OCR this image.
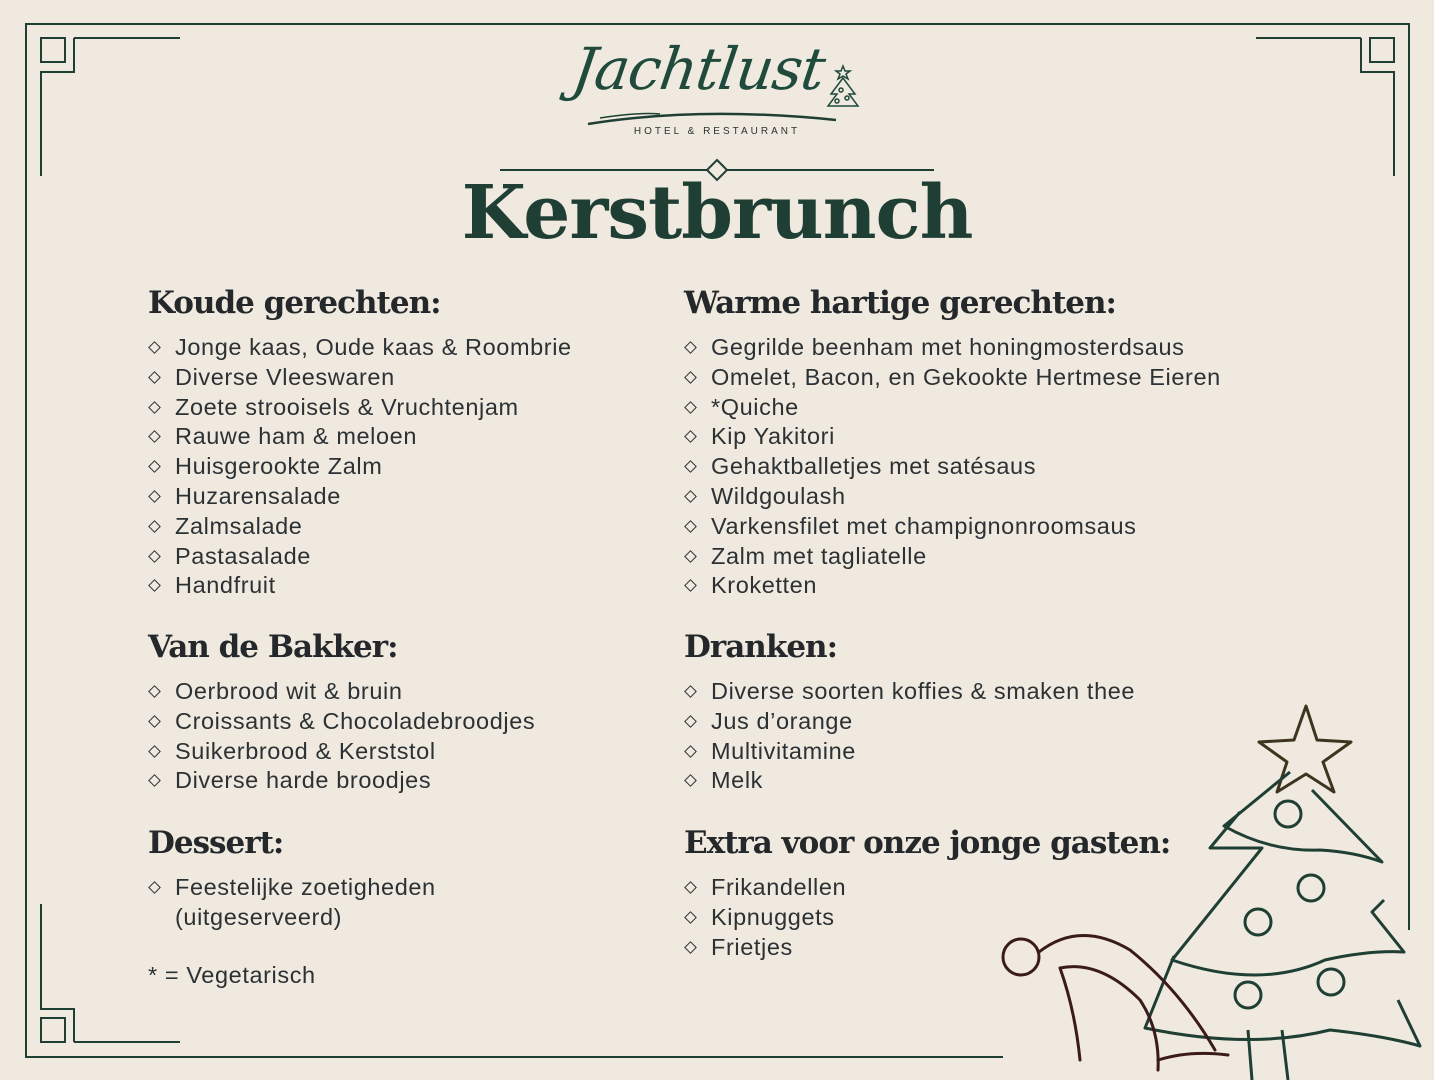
Jachtlust
HOTEL & RESTAURANT
Kerstbrunch
Koude gerechten:
Jonge kaas, Oude kaas & Roombrie
Diverse Vleeswaren
Zoete strooisels & Vruchtenjam
Rauwe ham & meloen
Huisgerookte Zalm
Huzarensalade
Zalmsalade
Pastasalade
Handfruit
Van de Bakker:
Oerbrood wit & bruin
Croissants & Chocoladebroodjes
Suikerbrood & Kerststol
Diverse harde broodjes
Dessert:
Feestelijke zoetigheden
(uitgeserveerd)
* = Vegetarisch
Warme hartige gerechten:
Gegrilde beenham met honingmosterdsaus
Omelet, Bacon, en Gekookte Hertmese Eieren
*Quiche
Kip Yakitori
Gehaktballetjes met satésaus
Wildgoulash
Varkensfilet met champignonroomsaus
Zalm met tagliatelle
Kroketten
Dranken:
Diverse soorten koffies & smaken thee
Jus d’orange
Multivitamine
Melk
Extra voor onze jonge gasten:
Frikandellen
Kipnuggets
Frietjes
